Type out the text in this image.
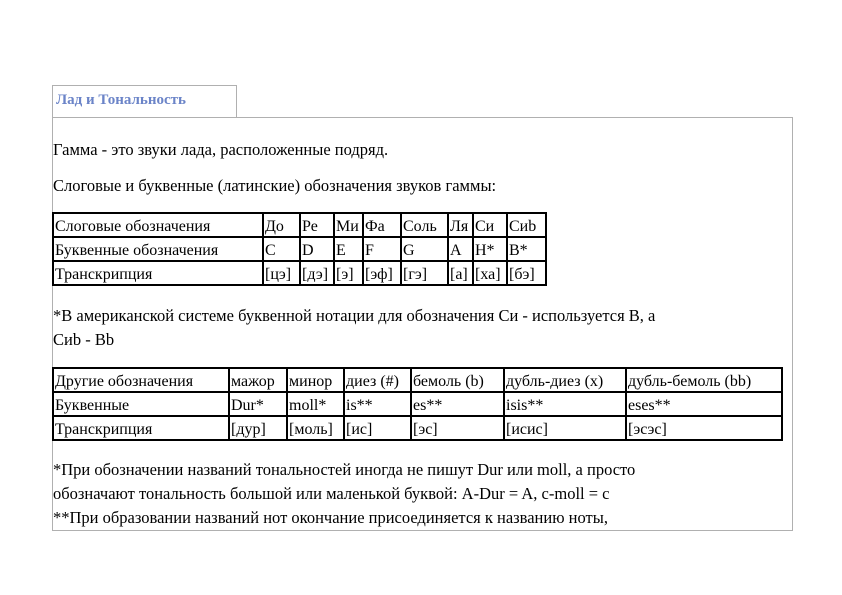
Лад и Тональность
Гамма - это звуки лада, расположенные подряд.
Слоговые и буквенные (латинские) обозначения звуков гаммы:
Слоговые обозначения	До	Ре	Ми	Фа	Соль	Ля	Си	Сиb
Буквенные обозначения	C	D	E	F	G	A	H*	B*
Транскрипция	[цэ]	[дэ]	[э]	[эф]	[гэ]	[а]	[ха]	[бэ]
*В американской системе буквенной нотации для обозначения Си - используется В, а
Сиb - Bb
Другие обозначения	мажор	минор	диез (#)	бемоль (b)	дубль-диез (x)	дубль-бемоль (bb)
Буквенные	Dur*	moll*	is**	es**	isis**	eses**
Транскрипция	[дур]	[моль]	[ис]	[эс]	[исис]	[эсэс]
*При обозначении названий тональностей иногда не пишут Dur или moll, а просто
обозначают тональность большой или маленькой буквой: A-Dur = A, c-moll = c
**При образовании названий нот окончание присоединяется к названию ноты,
